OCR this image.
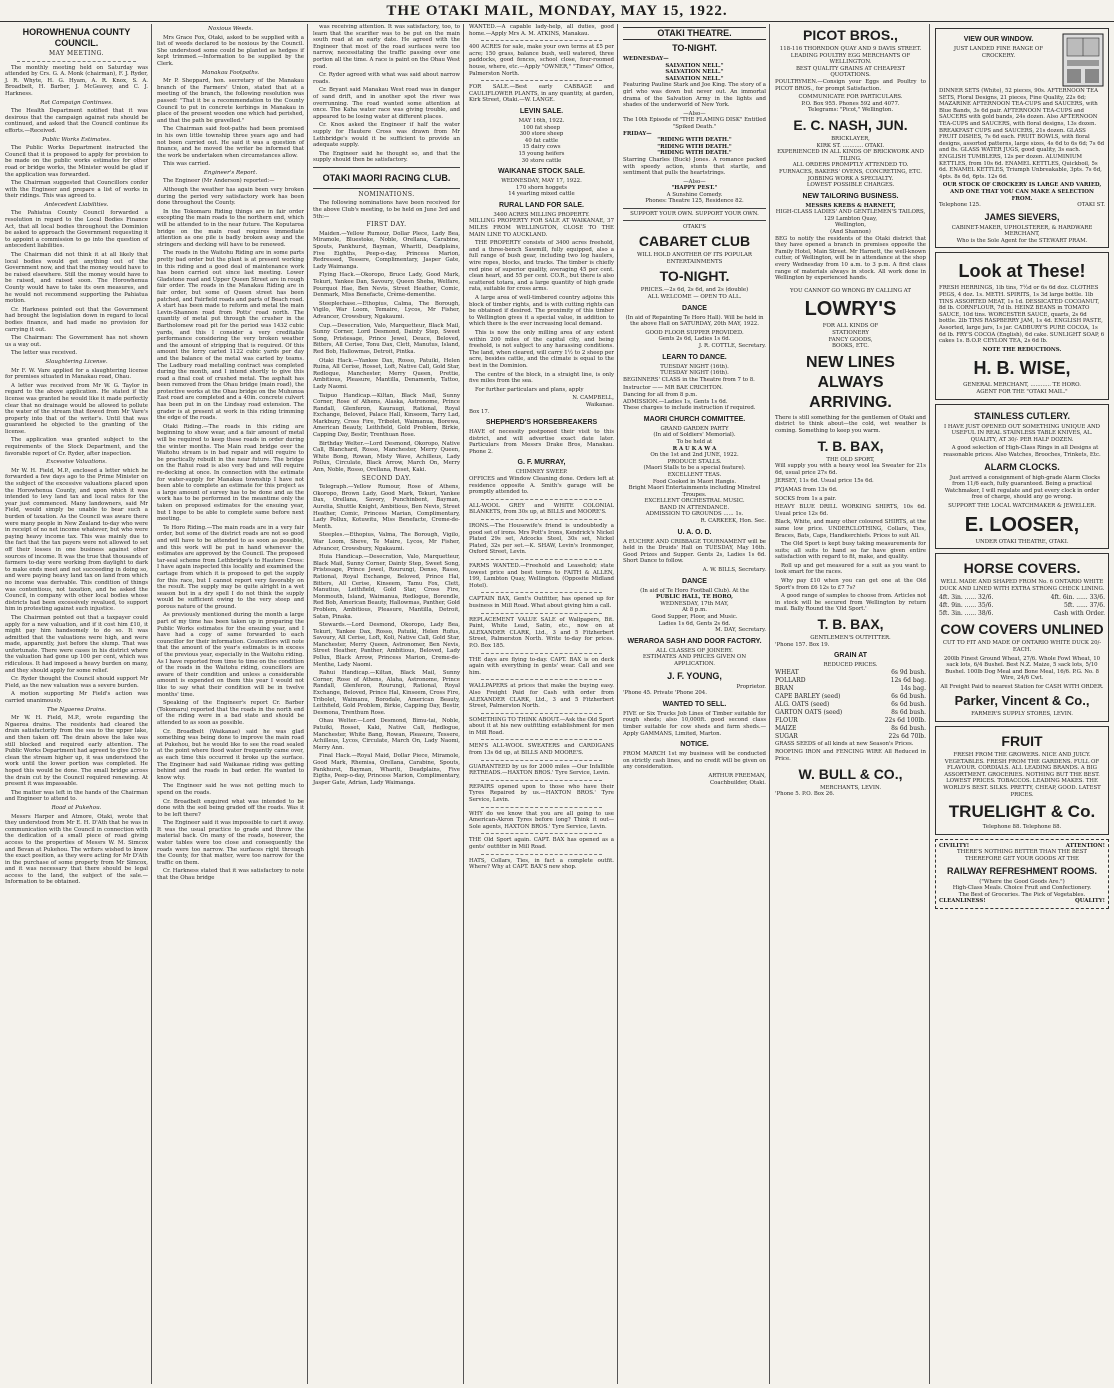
THE OTAKI MAIL, MONDAY, MAY 15, 1922.
HOROWHENUA COUNTY COUNCIL.
MAY MEETING.

The monthly meeting held on Saturday was attended by Crs. G. A. Monk (chairman), F. J. Ryder, J. R. Whyte, H. G. Hyam, A. R. Knox, S. A. Broadbelt, H. Barber, J. McGeavey, and C. J. Harkness.

Rat Campaign Continues.

The Health Department notified that it was desirous that the campaign against rats should be continued, and asked that the Council continue its efforts.—Received.

Public Works Estimates.

The Public Works Department instructed the Council that it is proposed to apply for provision to be made on the public works estimates for other road or bridge works, the Minister would be glad if the application was forwarded.

The Chairman suggested that Councillors confer with the Engineer and prepare a list of works in their ridings. This was agreed to.

Antecedent Liabilities.

The Pahiatua County Council forwarded a resolution in regard to the Local Bodies Finance Act, that all local bodies throughout the Dominion be asked to approach the Government requesting it to appoint a commission to go into the question of antecedent liabilities.

The Chairman did not think it at all likely that local bodies would get anything out of the Government now, and that the money would have to be raised elsewhere. Still the money would have to be raised, and raised soon. The Horowhenua County would have to take its own measures, and he would not recommend supporting the Pahiatua motion.

Cr. Harkness pointed out that the Government had brought the legislation down in regard to local bodies finance, and had made no provision for carrying it out.

The Chairman: The Government has not shown us a way out.

The letter was received.

Slaughtering License.

Mr F. W. Vare applied for a slaughtering license for premises situated in Manakau road, Ohau.

A letter was received from Mr W. G. Taylor in regard to the above application. He stated if the license was granted he would like it made perfectly clear that no drainage would be allowed to pollute the water of the stream that flowed from Mr Vare's property into that of the writer's. Until that was guaranteed he objected to the granting of the license.

The application was granted subject to the requirements of the Stock Department, and the favorable report of Cr. Ryder, after inspection.

Excessive Valuations.

Mr W. H. Field, M.P., enclosed a letter which he forwarded a few days ago to the Prime Minister on the subject of the excessive valuations placed upon the Horowhenua County, and upon which it was intended to levy land tax and local rates for the year just commenced. Many landowners, said Mr Field, would simply be unable to bear such a burden of taxation. As the Council was aware there were many people in New Zealand to-day who were in receipt of no net income whatever, but who were paying heavy income tax. This was mainly due to the fact that the tax payers were not allowed to set off their losses in one business against other sources of income. It was the true that thousands of farmers to-day were working from daylight to dark to make ends meet and not succeeding in doing so, and were paying heavy land tax on land from which no income was derivable. This condition of things was contentious, not taxation, and he asked the Council, in company with other local bodies whose districts had been excessively revalued, to support him in protesting against such injustice.

The Chairman pointed out that a taxpayer could apply for a new valuation, and if it cost him £10, it might pay him handsomely to do so. It was admitted that the valuations were high, and were made, apparently, just before the slump. That was unfortunate. There were cases in his district where the valuation had gone up 100 per cent, which was ridiculous. It had imposed a heavy burden on many, and they should apply for some relief.

Cr. Ryder thought the Council should support Mr Field, as the new valuation was a severe burden.

A motion supporting Mr Field's action was carried unanimously.

The Ngaerea Drains.

Mr W. H. Field, M.P., wrote regarding the Ngaerea drains. The residents had cleared the drain satisfactorily from the sea to the upper lake, and then taken off. The drain above the lake was still blocked and required early attention. The Public Works Department had agreed to give £50 to clean the stream higher up, it was understood the work until the lower portion was completed. He hoped this would be done. The small bridge across the drain cut by the Council required renewing. At present it was impassable.

The matter was left in the hands of the Chairman and Engineer to attend to.

Road at Pukehou.

Messrs Harper and Atmore, Otaki, wrote that they understood from Mr E. H. D'Ath that he was in communication with the Council in connection with the dedication of a small piece of road giving access to the properties of Messrs W. M. Simcox and Bevan at Pukehou. The writers wished to know the exact position, as they were acting for Mr D'Ath in the purchase of some property from Mr Simcox, and it was necessary that there should be legal access to the land, the subject of the sale.—Information to be obtained.

Noxious Weeds.

Mrs Grace Fox, Otaki, asked to be supplied with a list of weeds declared to be noxious by the Council. She understood some could be planted as hedges if kept trimmed.—Information to be supplied by the Clerk.

Manakau Footpaths.

Mr P. Sheppard, hon. secretary of the Manakau branch of the Farmers' Union, stated that at a meeting of the branch, the following resolution was passed: "That it be a recommendation to the County Council to put in concrete kerbings in Manakau in place of the present wooden one which had perished, and that the path be gravelled."

The Chairman said foot-paths had been promised in his own little township three years ago and had not been carried out. He said it was a question of finance, and he moved the writer be informed that the work be undertaken when circumstances allow.

This was carried.

Engineer's Report.

The Engineer (Mr Anderson) reported:—

Although the weather has again been very broken during the period very satisfactory work has been done throughout the County.

In the Tokomaru Riding things are in fair order excepting the main roads to the northern end, which will be attended to in the near future. The Koputaroa bridge on the main road requires immediate attention as one pile is badly broken away and the stringers and decking will have to be renewed.

The roads in the Waitohu Riding are in some parts pretty bad order but the plant is at present working in this riding and a good deal of maintenance work has been carried out since last meeting. Lower Gladstone road and Upper Queen Street are in rough fair order. The roads in the Manakau Riding are in fair order, but some of Queen street has been patched, and Fairfield roads and parts of Beach road. A start has been made to reform and metal the main Levin-Shannon road from Potts' road north. The quantity of metal put through the crusher in the Bartholomew road pit for the period was 1432 cubic yards, and this I consider a very creditable performance considering the very broken weather and the amount of stripping that is required. Of this amount the lorry carted 1122 cubic yards per day and the balance of the metal was carted by teams. The Ladbury road metalling contract was completed during the month, and I intend shortly to give this road a final coat of crushed metal. The asphalt has been removed from the Ohau bridge (main road), the protective works at the Ohau bridge on the Muhunoa East road are completed and a 40in. concrete culvert has been put in on the Lindsay road extension. The grader is at present at work in this riding trimming the edge of the roads.

Otaki Riding.—The roads in this riding are beginning to show wear, and a fair amount of metal will be required to keep these roads in order during the winter months. The Main road bridge over the Waitohu stream is in bad repair and will require to be practically rebuilt in the near future. The bridge on the Rahui road is also very bad and will require re-decking at once. In connection with the estimate for water-supply for Manakau township I have not been able to complete an estimate for this project as a large amount of survey has to be done and as the work has to be performed in the meantime only the taken on proposed estimates for the ensuing year, but I hope to be able to complete same before next meeting.

Te Horo Riding.—The main roads are in a very fair order, but some of the district roads are not so good and will have to be attended to as soon as possible, and this work will be put in hand whenever the estimates are approved by the Council. The proposed tar-seal scheme from Lethbridge's to Hautere Cross: I have again inspected this locality and examined the cartage from which it is proposed to get the supply for this race, but I cannot report very favorably on the result. The supply may be quite alright in a wet season but in a dry spell I do not think the supply would be sufficient owing to the very steep and porous nature of the ground.

As previously mentioned during the month a large part of my time has been taken up in preparing the Public Works estimates for the ensuing year, and I have had a copy of same forwarded to each councillor for their information. Councillors will note that the amount of the year's estimates is in excess of the previous year, especially in the Waitohu riding. As I have reported from time to time on the condition of the roads in the Waitohu riding, councillors are aware of their condition and unless a considerable amount is expended on them this year I would not like to say what their condition will be in twelve months' time.

Speaking of the Engineer's report Cr. Barber (Tokomaru) reported that the roads in the north end of the riding were in a bad state and should be attended to as soon as possible.

Cr. Broadbelt (Waikanae) said he was glad something was being done to improve the main road at Pukehou, but he would like to see the road sealed at the point where flood water frequently came over, as each time this occurred it broke up the surface. The Engineer had said Waikanae riding was getting behind and the roads in bad order. He wanted to know why.

The Engineer said he was not getting much to spend on the roads.

Cr. Broadbelt enquired what was intended to be done with the soil being graded off the roads. Was it to be left there?

The Engineer said it was impossible to cart it away. It was the usual practice to grade and throw the material back. On many of the roads, however, the water tables were too close and consequently the roads were too narrow. The surfaces right through the County, for that matter, were too narrow for the traffic on them.

Cr. Harkness stated that it was satisfactory to note that the Ohau bridge

was receiving attention. It was satisfactory, too, to learn that the scarifier was to be put on the main south road at an early date. He agreed with the Engineer that most of the road surfaces were too narrow, necessitating the traffic passing over one portion all the time. A race is paint on the Ohau West road.

Cr. Ryder agreed with what was said about narrow roads.

Cr. Bryant said Manakau West road was in danger of sand drift, and in another spot the river was overrunning. The road wanted some attention at once. The Kaha water race was giving trouble, and appeared to be losing water at different places.

Cr. Knox asked the Engineer if half the water supply for Hautere Cross was drawn from Mr Lethbridge's would it be sufficient to provide an adequate supply.

The Engineer said he thought so, and that the supply should then be satisfactory.

OTAKI MAORI RACING CLUB.
NOMINATIONS.

The following nominations have been received for the above Club's meeting, to be held on June 3rd and 5th:—

FIRST DAY.

Maiden.—Yellow Rumour, Dollar Plece, Lady Bea, Miramole, Bluestoke, Noble, Orellana, Carabine, Spouts, Pankhurst, Bayman, Whariti, Deadplains, Five Eighths, Peep-o-day, Princess Marion, Redressed, Tessere, Complimentary, Jasper Gate, Lady Waimanga.

Flying Hack.—Okoropo, Bruce Lady, Good Mark, Tekuri, Yankee Dan, Savoury, Queen Sheba, Welfare, Pourquoi Hae, Ben Nevis, Street Heather, Comic, Denmark, Miss Benefacte, Crème-dementhe.

Steeplechase.—Ethopius, Calma, The Borough, Vigilo, War Loom, Temaire, Lycos, Mr Fisher, Advancer, Crowsbury, Ngakaumi.

Cup.—Desecration, Valo, Marquetteur, Black Mail, Sunny Corner, Lord Desmond, Dainty Step, Sweet Song, Pristesage, Prince Jewel, Deuce, Beloved, Bitters, All Cerise, Tonu Dax, Clett, Manutus, Island, Red Bob, Hallowmas, Detroit, Pintka.

Otaki Hack.—Yankee Dax, Rosso, Patuiki, Helen Ruina, All Cerise, Rosset, Loft, Native Call, Gold Star, Redloque, Manchester, Merry Queen, Prettie, Ambitious, Pleasure, Mantilla, Denaments, Tattoo, Lady Naomi.

Taipuo Handicap.—Kiltan, Black Mail, Sunny Corner, Rose of Athens, Alaska, Astronome, Prince Randall, Glenferon, Kauraugi, Rational, Royal Exchange, Beloved, Palace Hall, Kinseem, Tarry Lad, Markbury, Cross Fire, Tribolet, Waimanua, Borewa, American Beauty, Leithfield, Gold Problem, Birkie, Capping Day, Bestir, Trenthuan Rose.

Birthday Welter.—Lord Desmond, Okoropo, Native Call, Blanchard, Rosso, Manchester, Merry Queen, White Bong, Rowan, Misty Wave, Achilleus, Lady Pollux, Circulate, Black Arrow, March On, Merry Ann, Noble, Rosso, Orellana, Reset, Kaki.

SECOND DAY.

Telegraph.—Yellow Rumour, Rose of Athens, Okoropo, Brown Lady, Good Mark, Tekuri, Yankee Dax, Orellana, Savory, Punchinbent, Bayman, Aurelia, Shuttle Knight, Ambitious, Ben Nevis, Street Heather, Comic, Princess Marian, Complimentary, Lady Pollux, Kotuwitu, Miss Benefacte, Creme-de-Menth.

Steeples.—Ethopius, Valma, The Borough, Vigilo, War Loom, Sheve, Te Maire, Lycos, Mr Fisher, Advancer, Crowsbury, Ngakaumi.

Huia Handicap.—Desecration, Valo, Marquetteur, Black Mail, Sunny Corner, Dainty Step, Sweet Song, Pristesage, Prince Jewel, Rourungi, Denso, Rasso, Rational, Royal Exchange, Beloved, Prince Hal, Bitters, All Cerise, Kinseem, Tamu Fox, Clett, Manutius, Leithfield, Gold Star, Cross Fire, Monmouth, Island, Waimanua, Redlogue, Borendle, Red Bob, American Beauty, Hallowmas, Panther, Gold Problem, Ambitious, Pleasure, Mantilla, Detroit, Satan, Pinaka.

Stewards.—Lord Desmond, Okoropo, Lady Bea, Tekuri, Yankee Dax, Rosso, Patuiki, Helen Rufus, Savoury, All Cerise, Loft, Koli, Native Call, Gold Star, Manchester, Merry Queen, Astronomer, Ben Nevis, Street Heather, Panther, Ambitious, Beloved, Lady Pollux, Black Arrow, Princess Marion, Creme-de-Menthe, Lady Naomi.

Rahui Handicap.—Kiltan, Black Mail, Sunny Corner, Rose of Athens, Alaha, Astronome, Prince Randall, Glenferon, Rourungi, Rational, Royal Exchange, Beloved, Prince Hal, Kinseem, Cross Fire, Tribolet, Waimanu, Borodale, American Beauty, Leithfield, Gold Problem, Birkie, Capping Day, Bestir, Desmona, Trenthum Rose.

Ohau Welter.—Lord Desmond, Bimu-tai, Noble, Patuiki, Rosset, Kaki, Native Call, Redlogue, Manchester, White Bang, Rowan, Pleasure, Tessere, Achilleus, Lycos, Circulate, March On, Lady Naomi, Merry Ann.

Final Hack.—Royal Maid, Dollar Piece, Miramole, Good Mark, Rhemisa, Orellana, Carabine, Spouts, Pankhurst, Bayman, Whariti, Deadplains, Five Eigths, Peep-o-day, Princess Marion, Complimentary, Jasper Gate, Adrian, Lady Waimanga.

WANTED.—A capable lady-help, all duties, good home.—Apply Mrs A. M. ATKINS, Manakau.

400 ACRES for sale, make your own terms at £5 per acre; 150 grass, balance bush, well watered, three paddocks, good fences, school close, four-roomed house, where, etc.—Apply "OWNER," "Times" Office, Palmerston North.

FOR SALE.—Best early CABBAGE and CAULIFLOWER PLANTS, in any quantity, at garden, Kirk Street, Otaki.—W. LANGE.

LEVIN SALE.
MAY 16th, 1922.
100 fat sheep
300 store sheep
40 fat cattle
15 dairy cows
15 young heifers
30 store cattle
WAIKANAE STOCK SALE.
WEDNESDAY, MAY 17, 1922.
170 shorn hoggets
14 yearling mixed cattle
RURAL LAND FOR SALE.
3400 ACRES MILLING PROPERTY.

MILLING PROPERTY FOR SALE AT WAIKANAE, 37 MILES FROM WELLINGTON, CLOSE TO THE MAIN LINE TO AUCKLAND.

THE PROPERTY consists of 3400 acres freehold, and a three-bench Sawmill, fully equipped, also a full range of bush gear, including two log haulers, wire ropes, blocks, and tracks. The timber is chiefly red pine of superior quality, averaging 45 per cent. clean heart, and 55 per cent. CO.R., but there is also scattered totara, and a large quantity of high grade rata, suitable for cross arms.

A large area of well-timbered country adjoins this block of timber rights, and is with cutting rights can be obtained if desired. The proximity of this timber to Wellington gives it a special value, in addition to which there is the ever increasing local demand.

This is now the only milling area of any extent within 200 miles of the capital city, and being freehold, is not subject to any harassing conditions. The land, when cleared, will carry 1½ to 2 sheep per acre, besides cattle, and the climate is equal to the best in the Dominion.

The centre of the block, in a straight line, is only five miles from the sea.

For further particulars and plans, apply

N. CAMPBELL,
Waikanae.
Box 17.
SHEPHERD'S HORSEBREAKERS

HAVE of necessity postponed their visit to this district, and will advertise exact date later. Particulars from Messrs Drake Bros, Manakau. Phone 2.

G. F. MURRAY,
CHIMNEY SWEEP.

OFFICES and Window Cleaning done. Orders left at residence opposite A. Smith's garage will be promptly attended to.

ALL-WOOL GREY and WHITE COLONIAL BLANKETS, from 30s up, at BILLS and MOORE'S.

IRONS.—The Housewife's friend is undoubtedly a good set of irons. Mrs Pott's Irons, Kendrick's Nickel Plated 29s set, Adcocks Steel, 30s set, Nickel Plated, 32s per set.—K. SHAW, Levin's Ironmonger, Oxford Street, Levin.

FARMS WANTED.—Freehold and Leasehold; state lowest price and best terms to FAITH & ALLEN, 199, Lambton Quay, Wellington. (Opposite Midland Hotel).

CAPTAIN BAX, Gent's Outfitter, has opened up for business in Mill Road. What about giving him a call.

REPLACEMENT VALUE SALE of Wallpapers, Bit. Paint, White Lead, Satin, etc., now on at ALEXANDER CLARK, Ltd., 3 and 5 Fitzherbert Street, Palmerston North. Write to-day for prices. P.O. Box 185.

THE days are flying to-day. CAPT. BAX is on deck again with everything in gents' wear. Call and see him.

WALLPAPERS at prices that make the buying easy. Also Freight Paid for Cash with order from ALEXANDER CLARK, Ltd., 3 and 5 Fitzherbert Street, Palmerston North.

SOMETHING TO THINK ABOUT.—Ask the Old Sport about it at his new outfitting establishment for men in Mill Road.

MEN'S ALL-WOOL SWEATERS and CARDIGANS from 13s 6d up, at BILLS AND MOORE'S.

GUARANTEED by us for 2000 miles —Our Infallible RETREADS.—HAXTON BROS.' Tyre Service, Levin.

REPAIRS opened upon to those who have their Tyres Repaired by us.—HAXTON BROS.' Tyre Service, Levin.

WHY do we know that you are all going to use American-Akron Tyres before long? Think it out—Sole agents, HAXTON BROS.' Tyre Service, Levin.

THE Old Sport again. CAPT. BAX has opened as a gents' outfitter in Mill Road.

HATS, Collars, Ties, in fact a complete outfit. Where? Why at CAPT. BAX'S new shop.

OTAKI THEATRE.
TO-NIGHT.
WEDNESDAY—
SALVATION NELL."
SALVATION NELL."
SALVATION NELL."

Featuring Pauline Stark and Joe King. The story of a girl who was down but never out. An immortal drama of the Salvation Army in the lights and shades of the underworld of New York.

—Also—
The 10th Episode of "THE FLAMING DISK" Entitled "Spiked Death."
FRIDAY—
"RIDING WITH DEATH."
"RIDING WITH DEATH."
"RIDING WITH DEATH."

Starring Charles (Buck) Jones. A romance packed with speedy action, stunts that startle, and sentiment that pulls the heartstrings.

—Also—
"HAPPY PEST."
A Sunshine Comedy.
Phones: Theatre 125, Residence 82.
SUPPORT YOUR OWN. SUPPORT YOUR OWN.
OTAKI'S
CABARET CLUB
WILL HOLD ANOTHER OF ITS POPULAR ENTERTAINMENTS
TO-NIGHT.
PRICES.—2s 6d, 2s 6d, and 2s (double)
ALL WELCOME — OPEN TO ALL.
DANCE

(In aid of Repainting Te Horo Hall). Will be held in the above Hall on SATURDAY, 20th MAY, 1922.

GOOD FLOOR SUPPER PROVIDED.
Gents 2s 6d, Ladies 1s 6d.
J. R. COTTLE, Secretary.
LEARN TO DANCE.
TUESDAY NIGHT (16th).
TUESDAY NIGHT (16th).

BEGINNERS' CLASS in the Theatre from 7 to 8.

Instructor —— MR BAE CRICHTON.
Dancing for all from 8 p.m.
ADMISSION.—Ladies 1s, Gents 1s 6d.
These charges to include instruction if required.
MAORI CHURCH COMMITTEE.
GRAND GARDEN PARTY
(In aid of Soldiers' Memorial).
To be held at
R A U K A W A
On the 1st and 2nd JUNE, 1922.
PRODUCE STALLS.
(Maori Stalls to be a special feature).
EXCELLENT TEAS.
Food Cooked in Maori Hangis.
Bright Maori Entertainments including Minstrel Troupes.
EXCELLENT ORCHESTRAL MUSIC.
BAND IN ATTENDANCE.
ADMISSION TO GROUNDS ...... 1s.
R. CARKEEK, Hon. Sec.
U. A. O. D.

A EUCHRE AND CRIBBAGE TOURNAMENT will be held in the Druids' Hall on TUESDAY, May 16th. Good Prizes and Supper. Gents 2s, Ladies 1s 6d. Short Dance to follow.

A. W. BILLS, Secretary.
DANCE
(In aid of Te Horo Football Club). At the
PUBLIC HALL, TE HORO,
WEDNESDAY, 17th MAY,
At 8 p.m.
Good Supper, Floor, and Music.
Ladies 1s 6d, Gents 2s 6d.
M. DAY, Secretary.
WERAROA SASH AND DOOR FACTORY.
ALL CLASSES OF JOINERY.
ESTIMATES AND PRICES GIVEN ON APPLICATION.
J. F. YOUNG,
Proprietor.
'Phone 45. Private 'Phone 204.
WANTED TO SELL.

FIVE or Six Trucks Job Lines of Timber suitable for rough sheds; also 10,000ft. good second class timber suitable for cow sheds and farm sheds.—Apply GAMMANS, Limited, Marton.

NOTICE.

FROM MARCH 1st my business will be conducted on strictly cash lines, and no credit will be given on any consideration.

ARTHUR FREEMAN,
Coachbuilder, Otaki.
PICOT BROS.,
118-116 THORNDON QUAY AND 9 DAVIS STREET.
LEADING POULTRY EGG MERCHANTS OF WELLINGTON.
BEST QUALITY GRAINS AT CHEAPEST QUOTATIONS.

POULTRYMEN.—Consign your Eggs and Poultry to PICOT BROS., for prompt Satisfaction.

COMMUNICATE FOR PARTICULARS.
P.O. Box 955. Phones 592 and 4077.
Telegrams: "Picot," Wellington.
E. C. NASH, JUN.
BRICKLAYER,
KIRK ST. ............ OTAKI.
EXPERIENCED IN ALL KINDS OF BRICKWORK AND TILING.
ALL ORDERS PROMPTLY ATTENDED TO.
FURNACES, BAKERS' OVENS, CONCRETING, ETC.
JOBBING WORK A SPECIALTY.
LOWEST POSSIBLE CHARGES.
NEW TAILORING BUSINESS.
MESSRS KREBS & HARNETT,
HIGH-CLASS LADIES' AND GENTLEMEN'S TAILORS,
129 Lambton Quay,
Wellington,
(And Shannon)

BEG to notify the residents of the Otaki district that they have opened a branch in premises opposite the Family Hotel, Main Street. Mr Harnett, the well-known cutter, of Wellington, will be in attendance at the shop every Wednesday from 10 a.m. to 3 p.m. A first class range of materials always in stock. All work done in Wellington by experienced hands.

YOU CANNOT GO WRONG BY CALLING AT
LOWRY'S
FOR ALL KINDS OF
STATIONERY
FANCY GOODS,
BOOKS, ETC.
NEW LINES ALWAYS ARRIVING.

There is still something for the gentlemen of Otaki and district to think about—the cold, wet weather is coming. Something to keep you warm.

T. B. BAX,
THE OLD SPORT,

Will supply you with a heavy wool lea Sweater for 21s 6d, usual price 27s 6d.

JERSEY, 11s 6d. Usual price 15s 6d.

PYJAMAS from 13s 6d.

SOCKS from 1s a pair.

HEAVY BLUE DRILL WORKING SHIRTS, 10s 6d. Usual price 12s 6d.

Black, White, and many other coloured SHIRTS, at the same low price. UNDERCLOTHING, Collars, Ties, Braces, Bats, Caps, Handkerchiefs. Prices to suit All.

The Old Sport is kept busy taking measurements for suits; all suits to hand so far have given entire satisfaction with regard to fit, make, and quality.

Roll up and get measured for a suit as you want to look smart for the races.

Why pay £10 when you can get one at the Old Sport's from £6 12s to £7 7s?

A good range of samples to choose from. Articles not in stock will be secured from Wellington by return mail. Bally Round the 'Old Sport.'

T. B. BAX,
GENTLEMEN'S OUTFITTER.
'Phone 157. Box 19.
GRAIN AT
REDUCED PRICES.
WHEAT	6s 9d bush.
POLLARD	12s 6d bag.
BRAN	14s bag.
CAPE BARLEY (seed)	6s 6d bush.
ALG. OATS (seed)	6s 6d bush.
GARTON OATS (seed)	8s 6d bush.
FLOUR	22s 6d 100lb.
MAIZE	8s 6d bush.
SUGAR	22s 6d 70lb.

GRASS SEEDS of all kinds at new Season's Prices.

ROOFING IRON and FENCING WIRE All Reduced in Price.

W. BULL & CO.,
MERCHANTS, LEVIN.
'Phone 5. P.O. Box 26.
VIEW OUR WINDOW.
JUST LANDED FINE RANGE OF CROCKERY.

DINNER SETS (White), 52 pieces, 90s. AFTERNOON TEA SETS, Floral Designs, 21 pieces, Fine Quality, 22s 6d; MAZARINE AFTERNOON TEA-CUPS and SAUCERS, with Blue Bands, 3s 6d pair. AFTERNOON TEA-CUPS and SAUCERS with gold bands, 24s dozen. Also AFTERNOON TEA-CUPS and SAUCERS, with floral designs, 13s dozen. BREAKFAST CUPS and SAUCERS, 21s dozen. GLASS FRUIT DISHES, 7s 6d each. FRUIT BOWLS, with floral designs, assorted patterns, large sizes, 4s 6d to 6s 6d; 7s 6d and 8s. GLASS WATER JUGS, good quality, 3s each. ENGLISH TUMBLERS, 12s per dozen. ALUMINIUM KETTLES, from 10s 6d. ENAMEL KETTLES, Quickboil, 5s 6d. ENAMEL KETTLES, Triumph Unbreakable, 3pts. 7s 6d, 4pts. 8s 6d, 6pts. 12s 6d.

OUR STOCK OF CROCKERY IS LARGE AND VARIED, AND ONE THAT YOU CAN MAKE A SELECTION FROM.
Telephone 125.	OTAKI ST.
JAMES SIEVERS,
CABINET-MAKER, UPHOLSTERER, & HARDWARE MERCHANT,
Who is the Sole Agent for the STEWART PRAM.
Look at These!

FRESH HERRINGS, 1lb tins, 7½d or 6s 6d doz. CLOTHES PEGS, 4 doz. 1s. METH. SPIRITS, 1s 3d large bottle. 1lb TINS ASSORTED MEAT, 1s 1d. DESSICATED COCOANUT, 8d lb. CORNFLOUR, 7d lb. HEINZ BEANS in TOMATO SAUCE, 10d tins. WORCESTER SAUCE, quarts, 2s 6d bottle. 2lb TINS RASPBERRY JAM, 1s 4d. ENGLISH PASTE, Assorted, large jars, 1s jar. CADBURY'S PURE COCOA, 1s 6d lb. FRY'S COCOA (English), 6d cake. SUNLIGHT SOAP, 6 cakes 1s. B.O.P. CEYLON TEA, 2s 6d lb.

NOTE THE REDUCTIONS.
H. B. WISE,
GENERAL MERCHANT, ............ TE HORO.
AGENT FOR THE "OTAKI MAIL."
STAINLESS CUTLERY.

I HAVE JUST OPENED OUT SOMETHING UNIQUE AND USEFUL IN REAL STAINLESS TABLE KNIVES, AL. QUALITY, AT 30/- PER HALF DOZEN.

A good selection of High-Class Rings in all Designs at reasonable prices. Also Watches, Brooches, Trinkets, Etc.

ALARM CLOCKS.

Just arrived a consignment of high-grade Alarm Clocks from 11/6 each, fully guaranteed. Being a practical Watchmaker, I will regulate and put every clock in order free of charge, should any go wrong.

SUPPORT THE LOCAL WATCHMAKER & JEWELLER.
E. LOOSER,
UNDER OTAKI THEATRE, OTAKI.
HORSE COVERS.

WELL MADE AND SHAPED FROM No. 6 ONTARIO WHITE DUCK AND LINED WITH EXTRA STRONG CHECK LINING.

4ft. 3in. ...... 32/6.	4ft. 6in. ...... 33/6.
4ft. 9in. ...... 35/6.	5ft. ...... 37/6.
5ft. 3in. ...... 38/6.	Cash with Order.
COW COVERS UNLINED

CUT TO FIT AND MADE OF ONTARIO WHITE DUCK 20/- EACH.

200lb Finest Ground Wheat, 27/6. Whole Fowl Wheat, 10 sack lots, 6/4 Bushel. Best N.Z. Maize, 5 sack lots, 5/10 Bushel. 100lb Dog Meal and Bone Meal, 16/6. P.G. No. 8 Wire, 24/6 Cwt.

All Freight Paid to nearest Station for CASH WITH ORDER.

Parker, Vincent & Co.,
FARMER'S SUPPLY STORES, LEVIN.
FRUIT

FRESH FROM THE GROWERS. NICE AND JUICY. VEGETABLES. FRESH FROM THE GARDENS. FULL OF FLAVOUR. CORDIALS. ALL LEADING BRANDS. A BIG ASSORTMENT. GROCERIES. NOTHING BUT THE BEST. LOWEST PRICES. TOBACCOS. LEADING MAKES. THE WORLD'S BEST. SILKS. PRETTY, CHEAP, GOOD. LATEST PRICES.

TRUELIGHT & Co.
Telephone 88. Telephone 88.
CIVILITY!	ATTENTION!
THERE'S NOTHING BETTER THAN THE BEST THEREFORE GET YOUR GOODS AT THE
RAILWAY REFRESHMENT ROOMS.
("Where the Good Goods Are.")
High-Class Meals. Choice Fruit and Confectionery.
The Best of Groceries. The Pick of Vegetables.
CLEANLINESS!	QUALITY!
